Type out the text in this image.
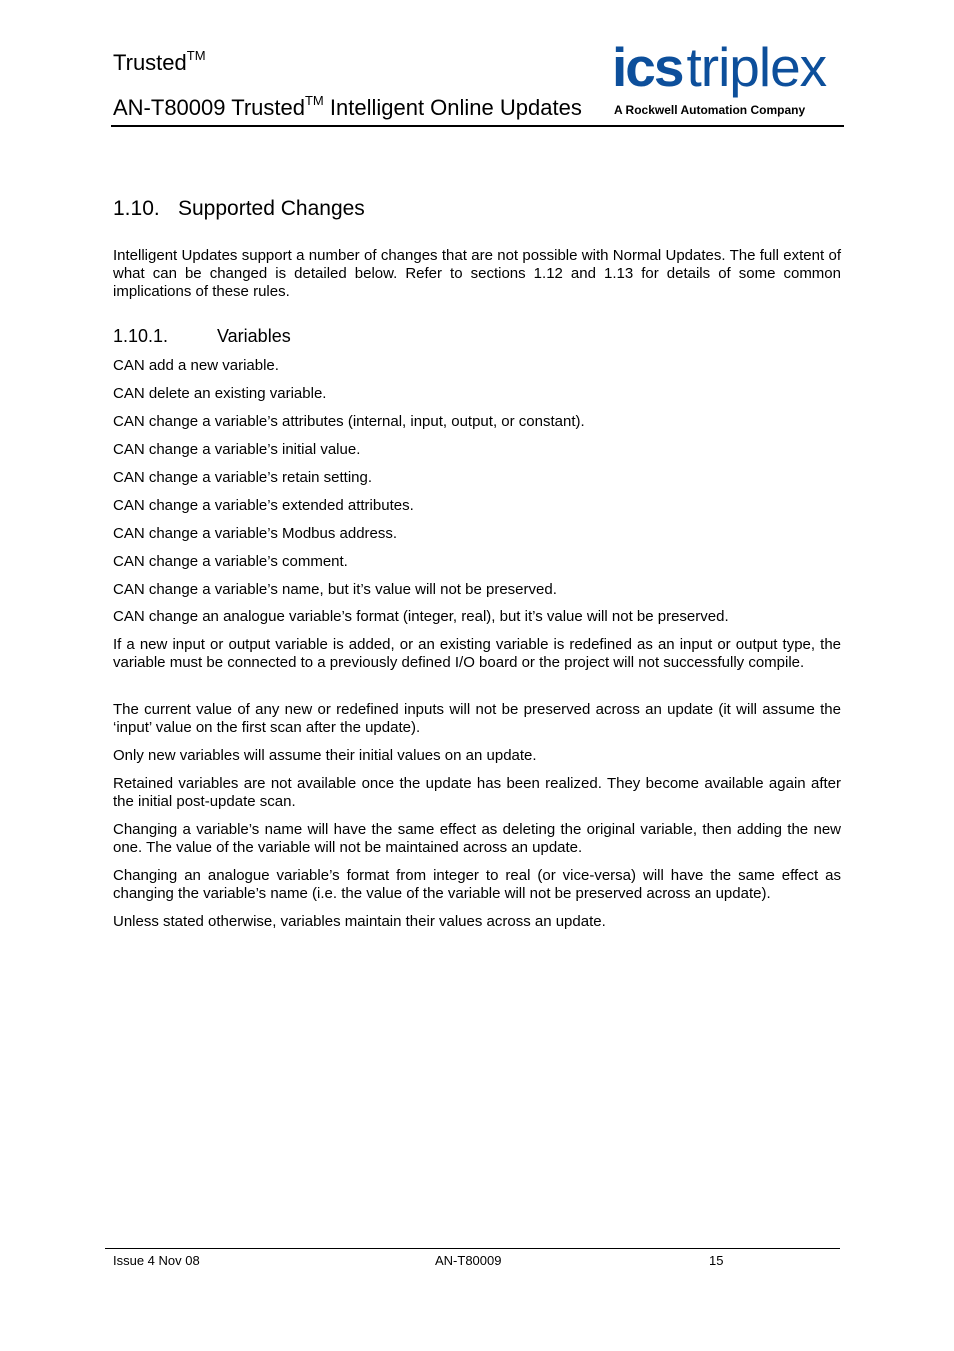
Trusted™
AN-T80009 Trusted™ Intelligent Online Updates
icstriplex
A Rockwell Automation Company
1.10. Supported Changes

Intelligent Updates support a number of changes that are not possible with Normal Updates. The full extent of what can be changed is detailed below. Refer to sections 1.12 and 1.13 for details of some common implications of these rules.

1.10.1.	Variables

CAN add a new variable.

CAN delete an existing variable.

CAN change a variable’s attributes (internal, input, output, or constant).

CAN change a variable’s initial value.

CAN change a variable’s retain setting.

CAN change a variable’s extended attributes.

CAN change a variable’s Modbus address.

CAN change a variable’s comment.

CAN change a variable’s name, but it’s value will not be preserved.

CAN change an analogue variable’s format (integer, real), but it’s value will not be preserved.

If a new input or output variable is added, or an existing variable is redefined as an input or output type, the variable must be connected to a previously defined I/O board or the project will not successfully compile.

The current value of any new or redefined inputs will not be preserved across an update (it will assume the ‘input’ value on the first scan after the update).

Only new variables will assume their initial values on an update.

Retained variables are not available once the update has been realized. They become available again after the initial post-update scan.

Changing a variable’s name will have the same effect as deleting the original variable, then adding the new one. The value of the variable will not be maintained across an update.

Changing an analogue variable’s format from integer to real (or vice-versa) will have the same effect as changing the variable’s name (i.e. the value of the variable will not be preserved across an update).

Unless stated otherwise, variables maintain their values across an update.

Issue 4 Nov 08	AN-T80009	15
